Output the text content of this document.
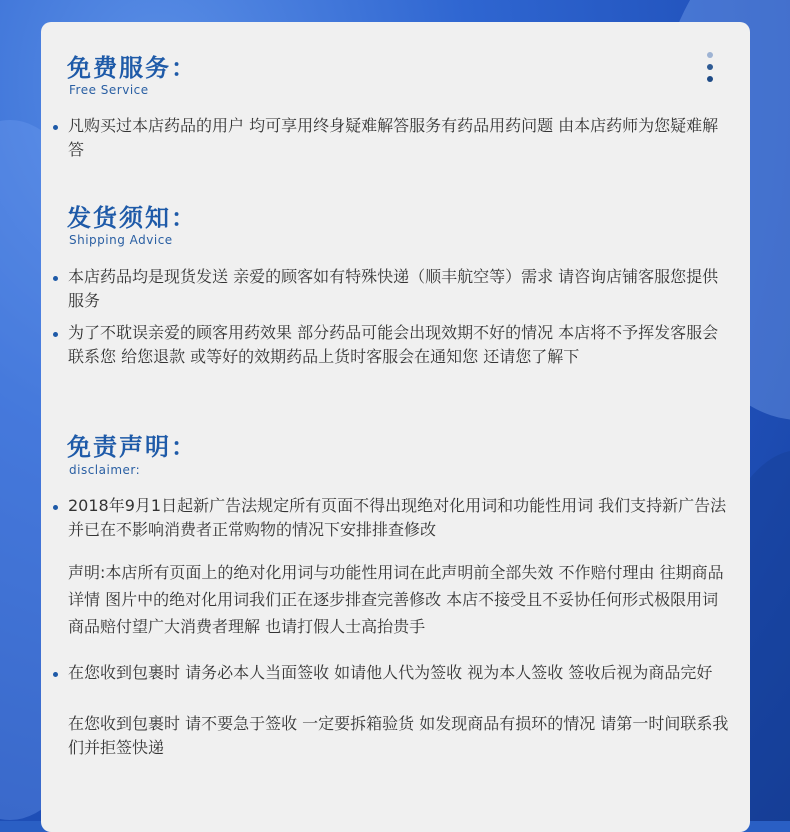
免费服务：
Free Service
凡购买过本店药品的用户 均可享用终身疑难解答服务有药品用药问题 由本店药师为您疑难解答
发货须知：
Shipping Advice
本店药品均是现货发送 亲爱的顾客如有特殊快递（顺丰航空等）需求 请咨询店铺客服您提供服务
为了不耽误亲爱的顾客用药效果 部分药品可能会出现效期不好的情况 本店将不予挥发客服会联系您 给您退款 或等好的效期药品上货时客服会在通知您 还请您了解下
免责声明：
disclaimer:
2018年9月1日起新广告法规定所有页面不得出现绝对化用词和功能性用词 我们支持新广告法 并已在不影响消费者正常购物的情况下安排排查修改
声明:本店所有页面上的绝对化用词与功能性用词在此声明前全部失效 不作赔付理由 往期商品详情 图片中的绝对化用词我们正在逐步排查完善修改 本店不接受且不妥协任何形式极限用词 商品赔付望广大消费者理解 也请打假人士高抬贵手
在您收到包裹时 请务必本人当面签收 如请他人代为签收 视为本人签收 签收后视为商品完好
在您收到包裹时 请不要急于签收 一定要拆箱验货 如发现商品有损环的情况 请第一时间联系我们并拒签快递
